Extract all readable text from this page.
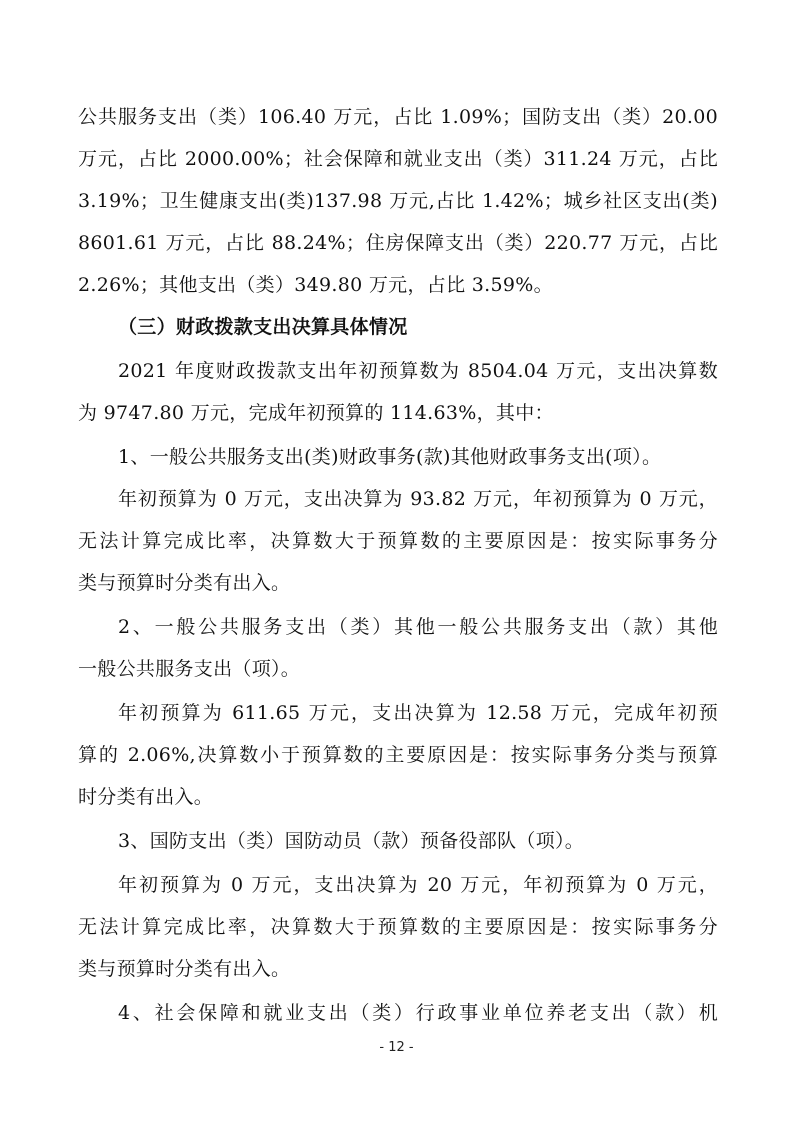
公共服务支出（类）106.40 万元，占比 1.09%；国防支出（类）20.00
万元，占比 2000.00%；社会保障和就业支出（类）311.24 万元，占比
3.19%；卫生健康支出(类)137.98 万元,占比 1.42%；城乡社区支出(类)
8601.61 万元，占比 88.24%；住房保障支出（类）220.77 万元，占比
2.26%；其他支出（类）349.80 万元，占比 3.59%。
（三）财政拨款支出决算具体情况
2021 年度财政拨款支出年初预算数为 8504.04 万元，支出决算数
为 9747.80 万元，完成年初预算的 114.63%，其中：
1、一般公共服务支出(类)财政事务(款)其他财政事务支出(项）。
年初预算为 0 万元，支出决算为 93.82 万元，年初预算为 0 万元，
无法计算完成比率，决算数大于预算数的主要原因是：按实际事务分
类与预算时分类有出入。
2、一般公共服务支出（类）其他一般公共服务支出（款）其他
一般公共服务支出（项）。
年初预算为 611.65 万元，支出决算为 12.58 万元，完成年初预
算的 2.06%,决算数小于预算数的主要原因是：按实际事务分类与预算
时分类有出入。
3、国防支出（类）国防动员（款）预备役部队（项）。
年初预算为 0 万元，支出决算为 20 万元，年初预算为 0 万元，
无法计算完成比率，决算数大于预算数的主要原因是：按实际事务分
类与预算时分类有出入。
4、社会保障和就业支出（类）行政事业单位养老支出（款）机
- 12 -
